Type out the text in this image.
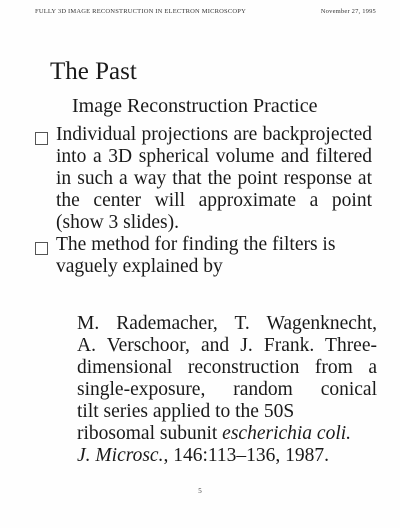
FULLY 3D IMAGE RECONSTRUCTION IN ELECTRON MICROSCOPY	November 27, 1995
The Past
Image Reconstruction Practice
Individual projections are backprojected into a 3D spherical volume and filtered in such a way that the point response at the center will approximate a point (show 3 slides).
The method for finding the filters is vaguely explained by
M. Rademacher, T. Wagenknecht,
A. Verschoor, and J. Frank. Three-
dimensional reconstruction from a
single-exposure, random conical
tilt series applied to the 50S
ribosomal subunit escherichia coli.
J. Microsc., 146:113–136, 1987.
5
